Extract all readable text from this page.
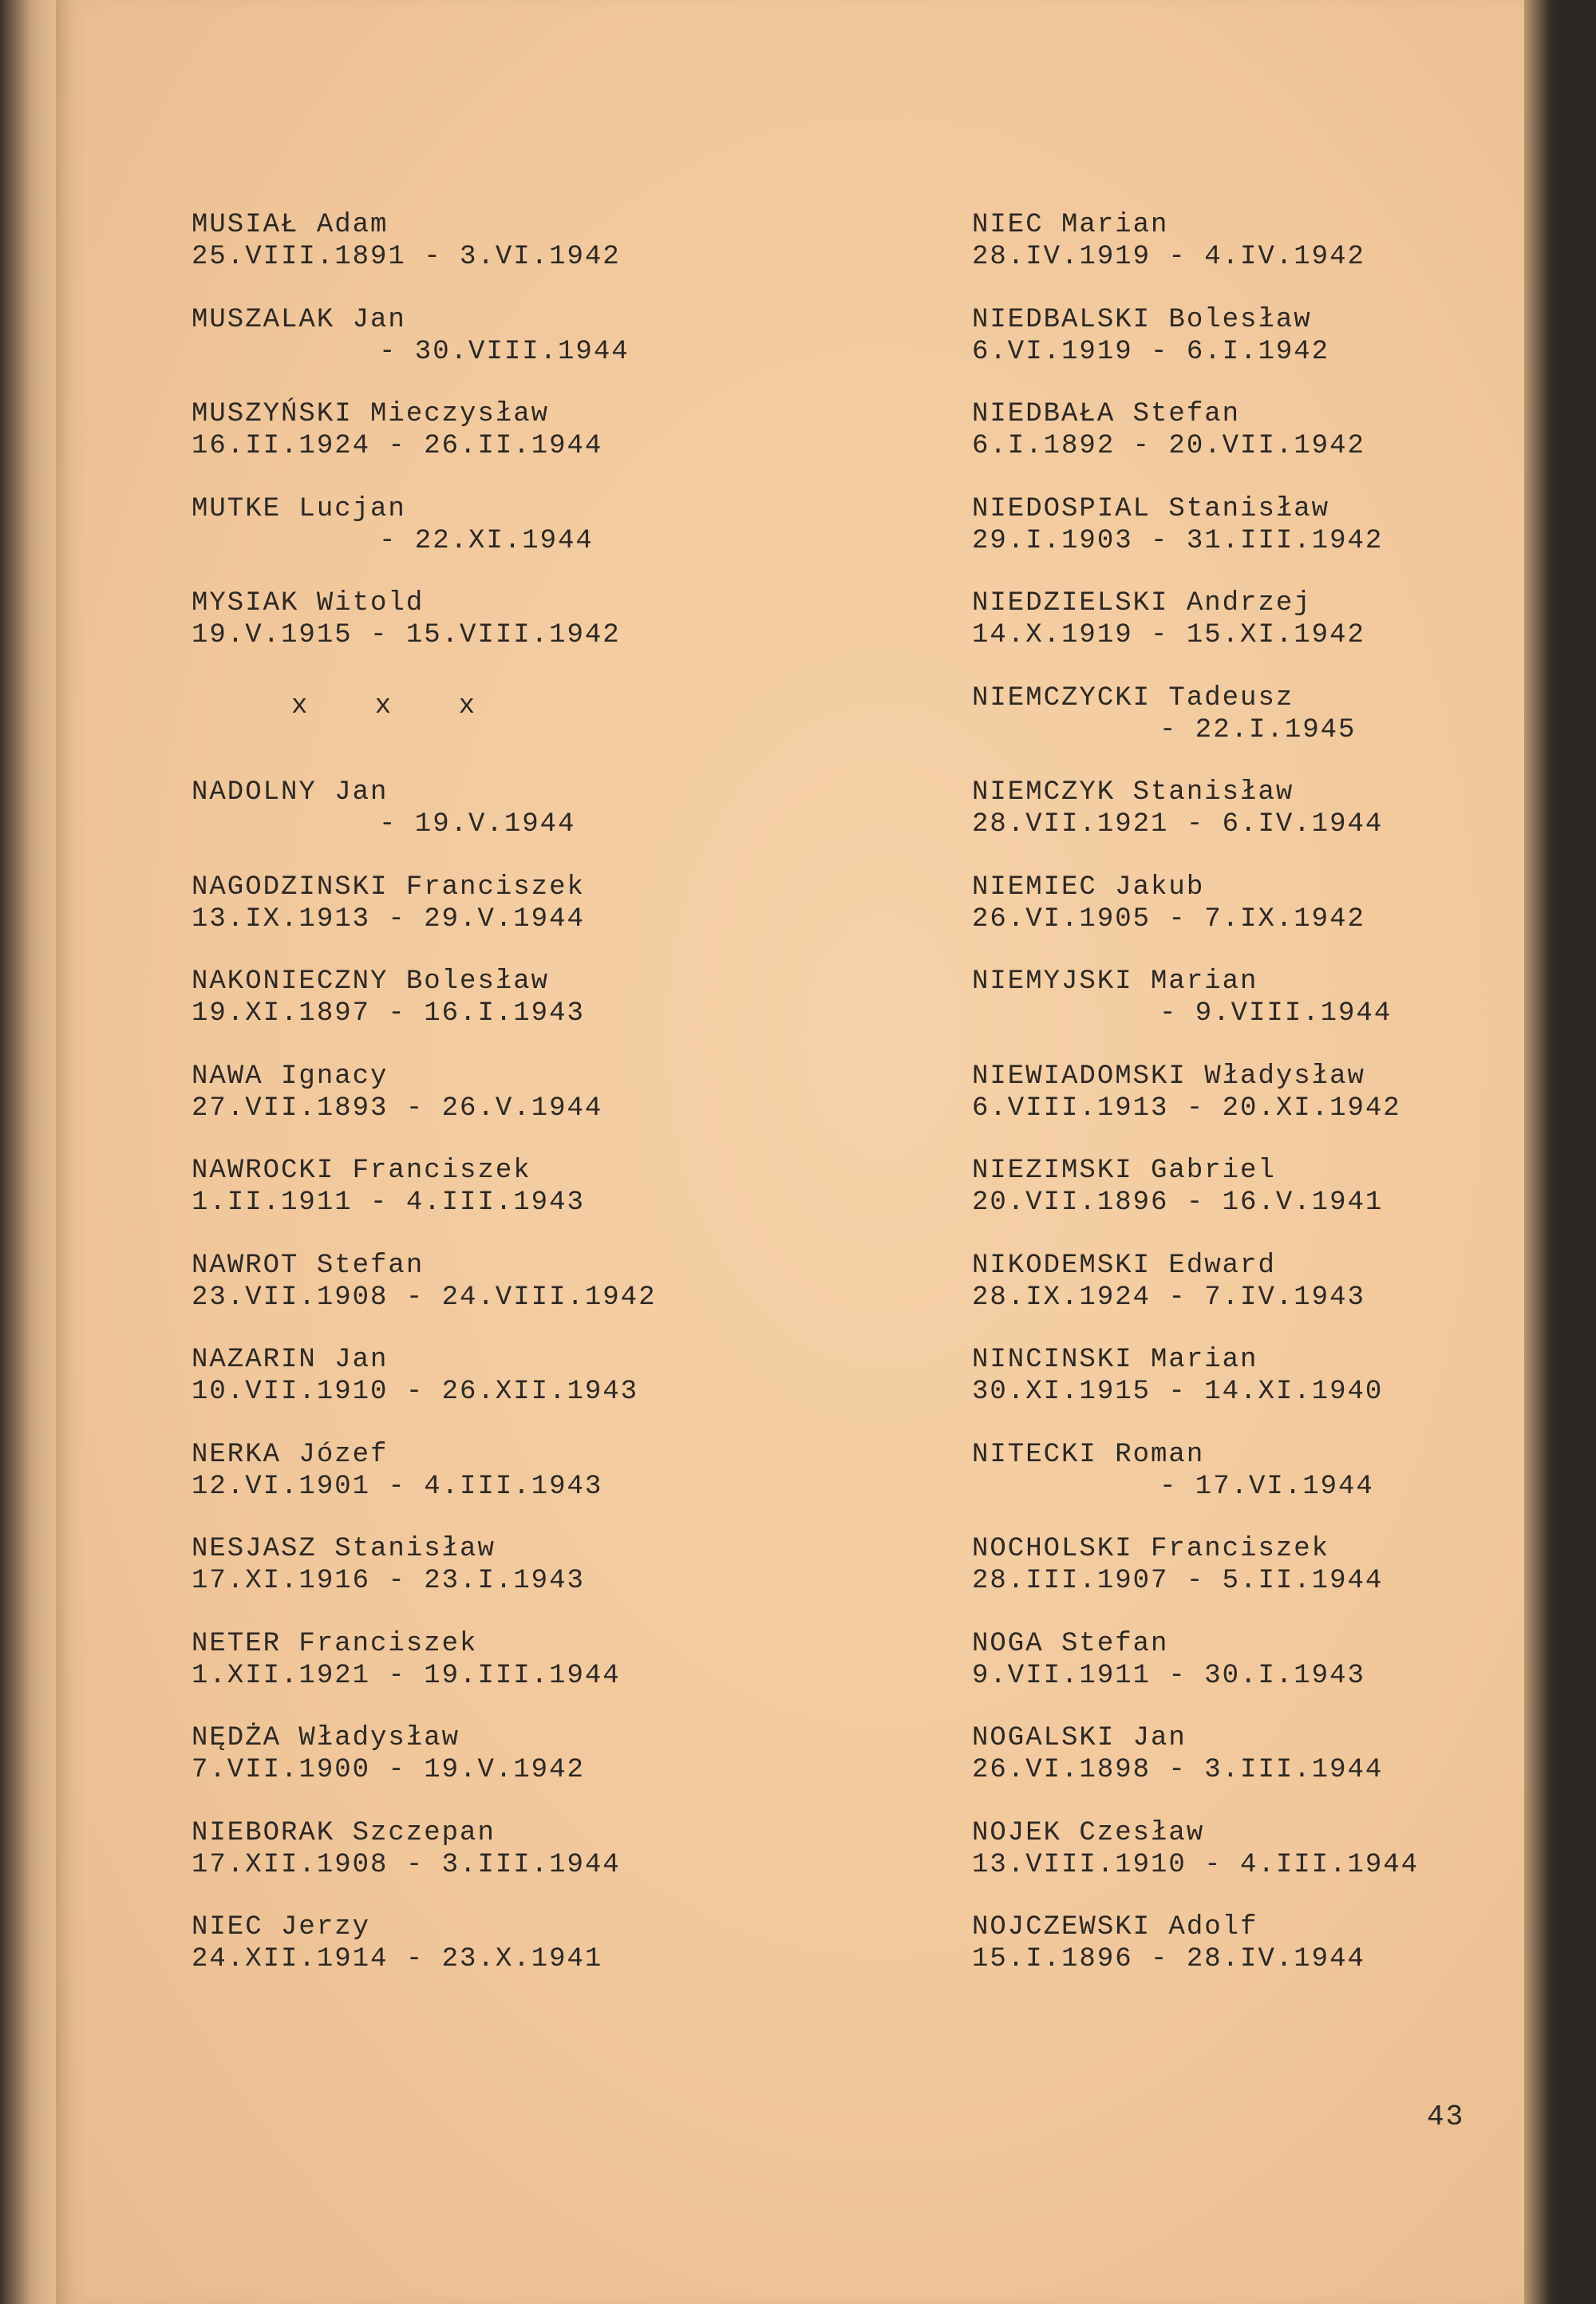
MUSIAŁ Adam
25.VIII.1891 - 3.VI.1942
MUSZALAK Jan
- 30.VIII.1944
MUSZYŃSKI Mieczysław
16.II.1924 - 26.II.1944
MUTKE Lucjan
- 22.XI.1944
MYSIAK Witold
19.V.1915 - 15.VIII.1942
x x x
NADOLNY Jan
- 19.V.1944
NAGODZINSKI Franciszek
13.IX.1913 - 29.V.1944
NAKONIECZNY Bolesław
19.XI.1897 - 16.I.1943
NAWA Ignacy
27.VII.1893 - 26.V.1944
NAWROCKI Franciszek
1.II.1911 - 4.III.1943
NAWROT Stefan
23.VII.1908 - 24.VIII.1942
NAZARIN Jan
10.VII.1910 - 26.XII.1943
NERKA Józef
12.VI.1901 - 4.III.1943
NESJASZ Stanisław
17.XI.1916 - 23.I.1943
NETER Franciszek
1.XII.1921 - 19.III.1944
NĘDŻA Władysław
7.VII.1900 - 19.V.1942
NIEBORAK Szczepan
17.XII.1908 - 3.III.1944
NIEC Jerzy
24.XII.1914 - 23.X.1941
NIEC Marian
28.IV.1919 - 4.IV.1942
NIEDBALSKI Bolesław
6.VI.1919 - 6.I.1942
NIEDBAŁA Stefan
6.I.1892 - 20.VII.1942
NIEDOSPIAL Stanisław
29.I.1903 - 31.III.1942
NIEDZIELSKI Andrzej
14.X.1919 - 15.XI.1942
NIEMCZYCKI Tadeusz
- 22.I.1945
NIEMCZYK Stanisław
28.VII.1921 - 6.IV.1944
NIEMIEC Jakub
26.VI.1905 - 7.IX.1942
NIEMYJSKI Marian
- 9.VIII.1944
NIEWIADOMSKI Władysław
6.VIII.1913 - 20.XI.1942
NIEZIMSKI Gabriel
20.VII.1896 - 16.V.1941
NIKODEMSKI Edward
28.IX.1924 - 7.IV.1943
NINCINSKI Marian
30.XI.1915 - 14.XI.1940
NITECKI Roman
- 17.VI.1944
NOCHOLSKI Franciszek
28.III.1907 - 5.II.1944
NOGA Stefan
9.VII.1911 - 30.I.1943
NOGALSKI Jan
26.VI.1898 - 3.III.1944
NOJEK Czesław
13.VIII.1910 - 4.III.1944
NOJCZEWSKI Adolf
15.I.1896 - 28.IV.1944
43
